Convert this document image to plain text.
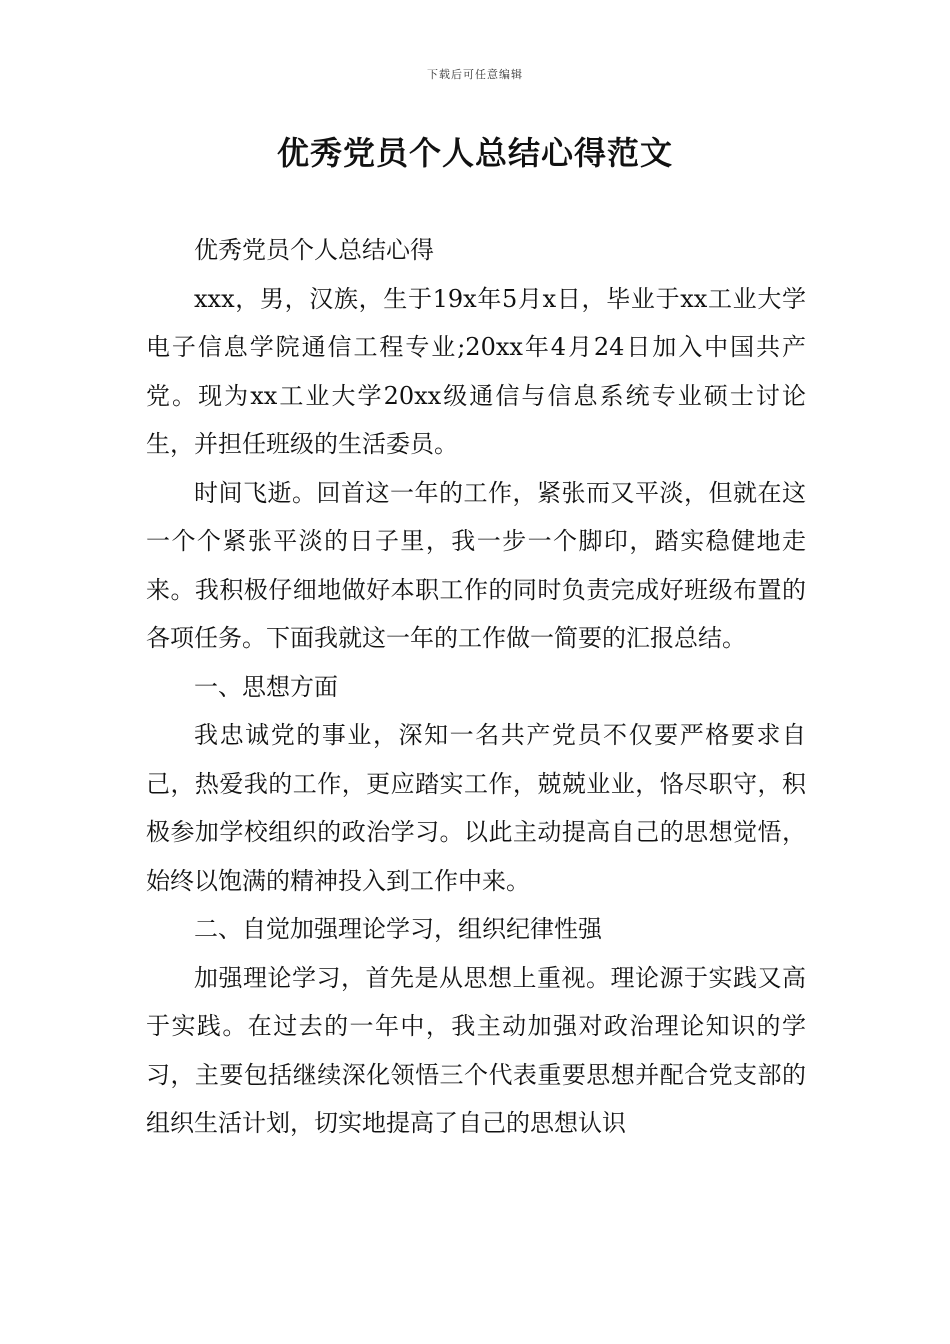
下载后可任意编辑
优秀党员个人总结心得范文

优秀党员个人总结心得

xxx，男，汉族，生于19x年5月x日，毕业于xx工业大学电子信息学院通信工程专业;20xx年4月24日加入中国共产党。现为xx工业大学20xx级通信与信息系统专业硕士讨论生，并担任班级的生活委员。

时间飞逝。回首这一年的工作，紧张而又平淡，但就在这一个个紧张平淡的日子里，我一步一个脚印，踏实稳健地走来。我积极仔细地做好本职工作的同时负责完成好班级布置的各项任务。下面我就这一年的工作做一简要的汇报总结。

一、思想方面

我忠诚党的事业，深知一名共产党员不仅要严格要求自己，热爱我的工作，更应踏实工作，兢兢业业，恪尽职守，积极参加学校组织的政治学习。以此主动提高自己的思想觉悟，始终以饱满的精神投入到工作中来。

二、自觉加强理论学习，组织纪律性强

加强理论学习，首先是从思想上重视。理论源于实践又高于实践。在过去的一年中，我主动加强对政治理论知识的学习，主要包括继续深化领悟三个代表重要思想并配合党支部的组织生活计划，切实地提高了自己的思想认识
